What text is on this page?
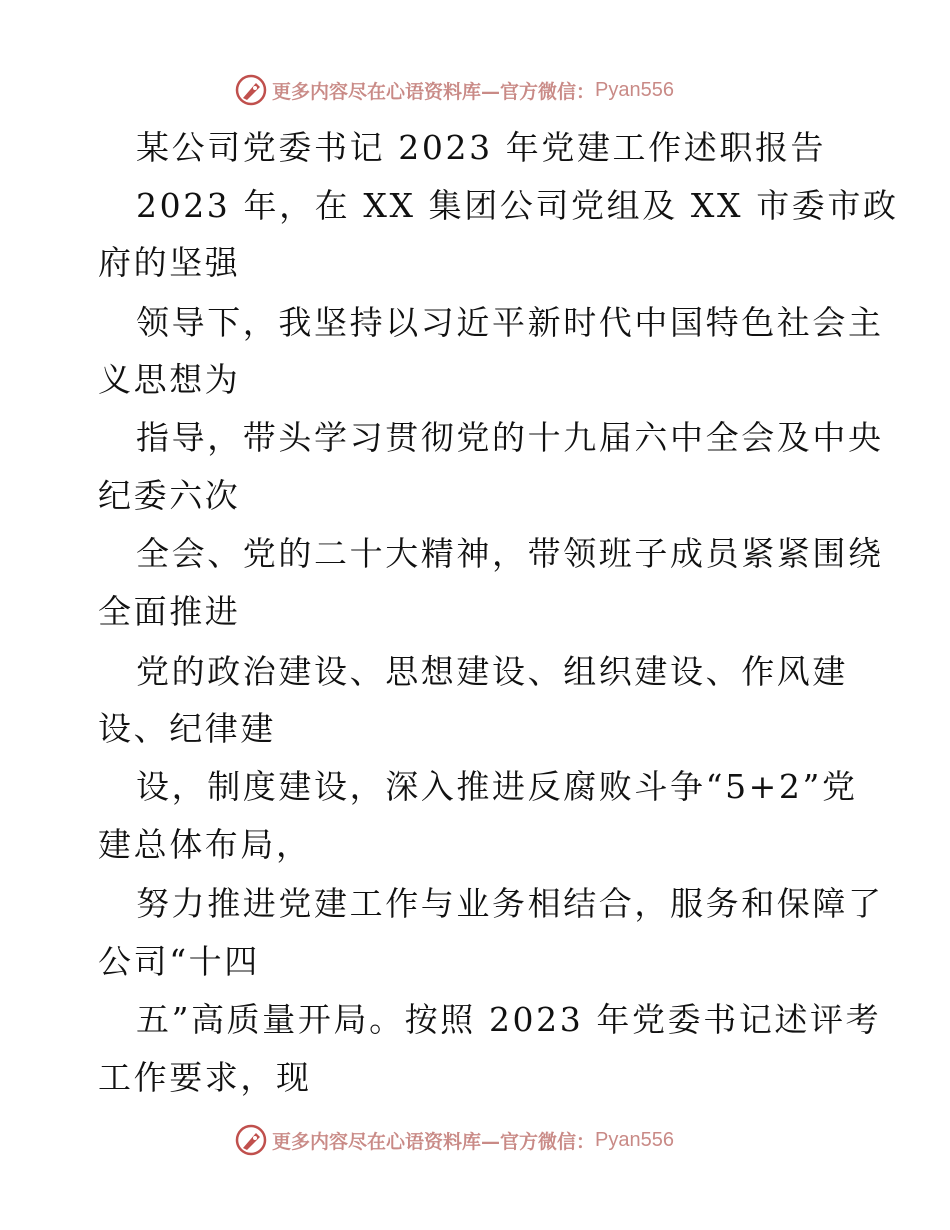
更多内容尽在心语资料库—官方微信： Pyan556
某公司党委书记 2023 年党建工作述职报告
2023 年，在 XX 集团公司党组及 XX 市委市政
府的坚强
领导下，我坚持以习近平新时代中国特色社会主
义思想为
指导，带头学习贯彻党的十九届六中全会及中央
纪委六次
全会、党的二十大精神，带领班子成员紧紧围绕
全面推进
党的政治建设、思想建设、组织建设、作风建
设、纪律建
设，制度建设，深入推进反腐败斗争“5+2”党
建总体布局，
努力推进党建工作与业务相结合，服务和保障了
公司“十四
五”高质量开局。按照 2023 年党委书记述评考
工作要求，现
更多内容尽在心语资料库—官方微信： Pyan556
